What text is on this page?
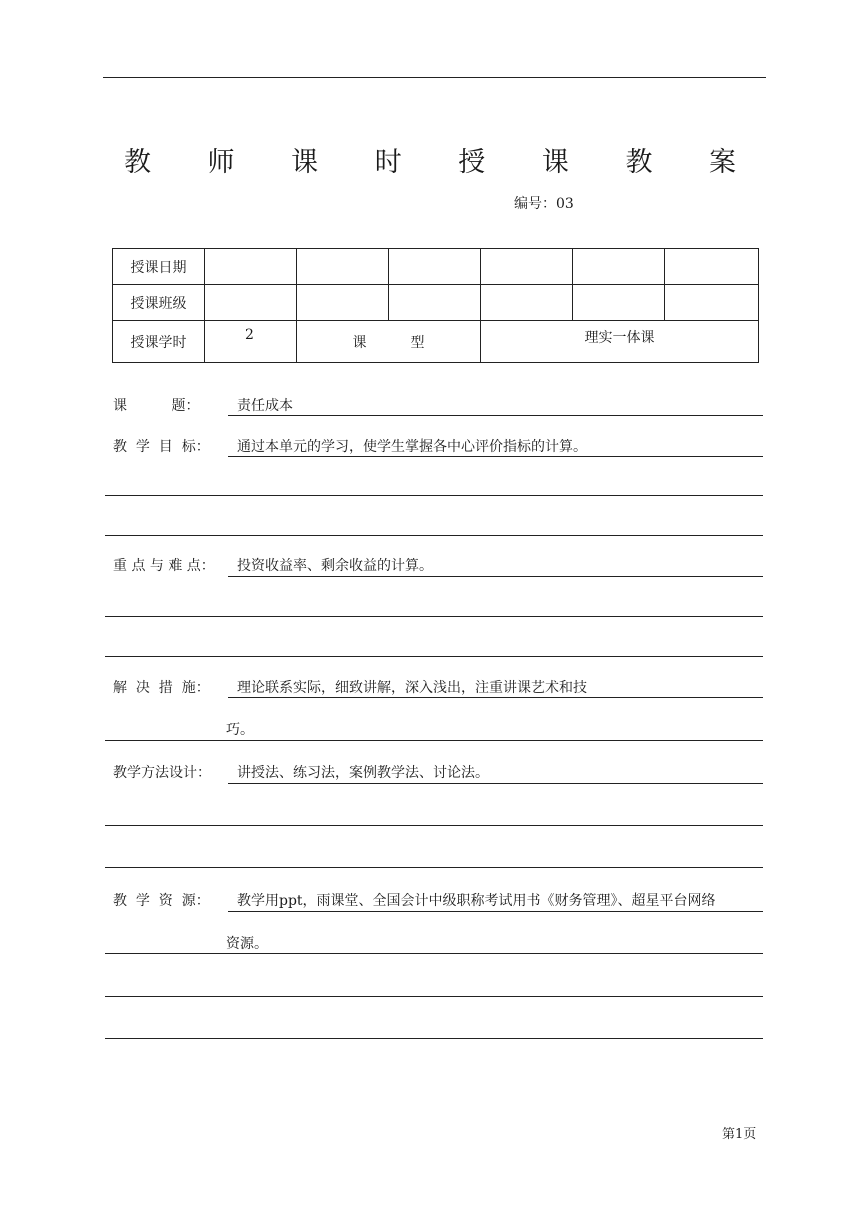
教 师 课 时 授 课 教 案
编号：03
授课日期						
授课班级						
授课学时	2	课 型		理实一体课		
课          题：	责任成本
教  学  目  标： 通过本单元的学习，使学生掌握各中心评价指标的计算。
重 点 与 难 点： 投资收益率、剩余收益的计算。
解  决  措  施： 理论联系实际，细致讲解，深入浅出，注重讲课艺术和技
巧。
教学方法设计： 讲授法、练习法，案例教学法、讨论法。
教  学  资  源： 教学用ppt，雨课堂、全国会计中级职称考试用书《财务管理》、超星平台网络
资源。
第1页
